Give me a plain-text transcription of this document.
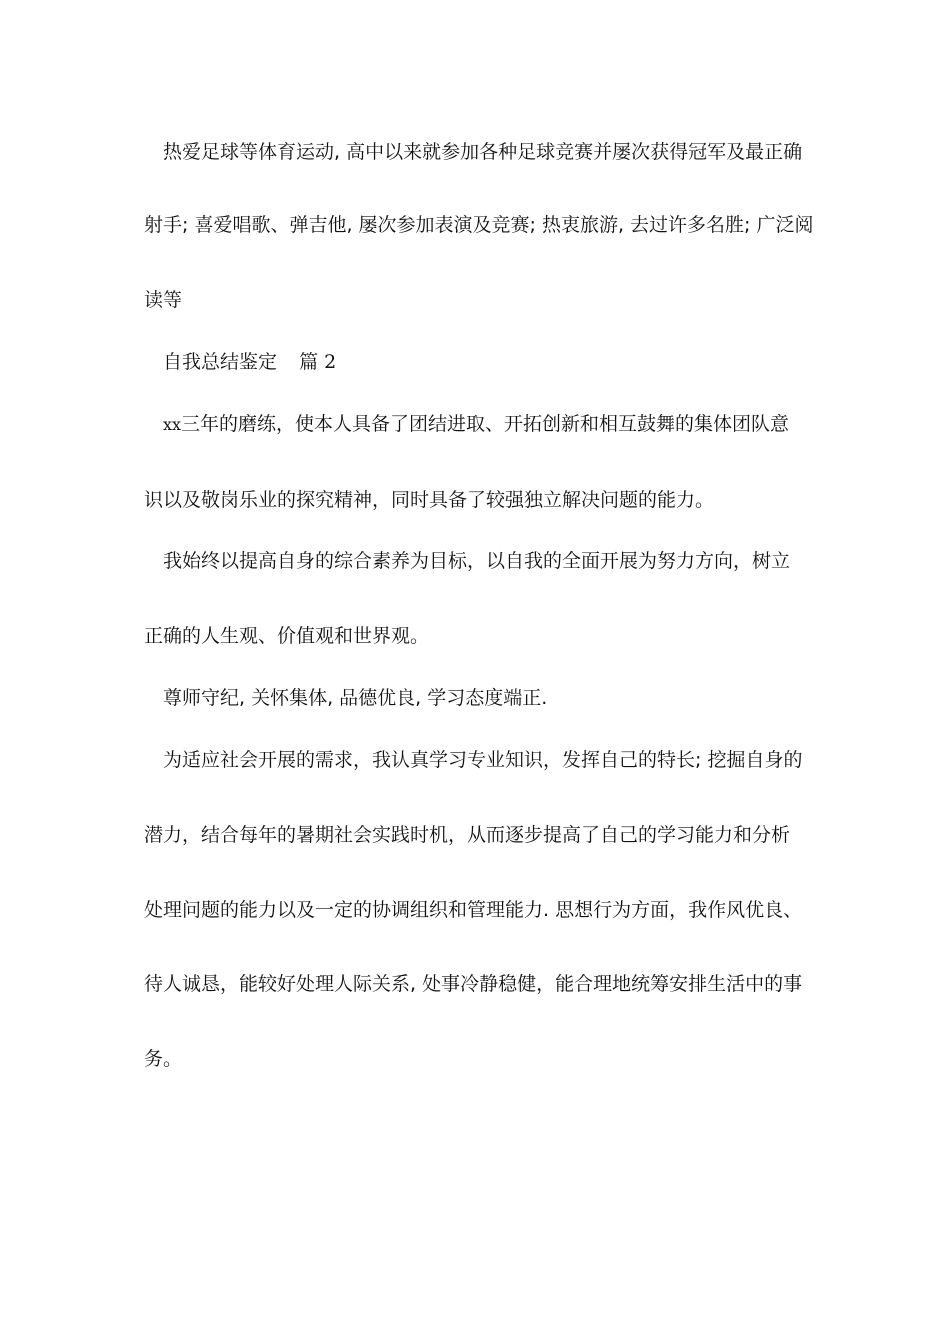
热爱足球等体育运动, 高中以来就参加各种足球竞赛并屡次获得冠军及最正确
射手; 喜爱唱歌、弹吉他, 屡次参加表演及竞赛; 热衷旅游, 去过许多名胜; 广泛阅
读等
自我总结鉴定 篇 2
xx三年的磨练，使本人具备了团结进取、开拓创新和相互鼓舞的集体团队意
识以及敬岗乐业的探究精神，同时具备了较强独立解决问题的能力。
我始终以提高自身的综合素养为目标，以自我的全面开展为努力方向，树立
正确的人生观、价值观和世界观。
尊师守纪, 关怀集体, 品德优良, 学习态度端正.
为适应社会开展的需求，我认真学习专业知识，发挥自己的特长; 挖掘自身的
潜力，结合每年的暑期社会实践时机，从而逐步提高了自己的学习能力和分析
处理问题的能力以及一定的协调组织和管理能力. 思想行为方面，我作风优良、
待人诚恳，能较好处理人际关系, 处事冷静稳健，能合理地统筹安排生活中的事
务。
